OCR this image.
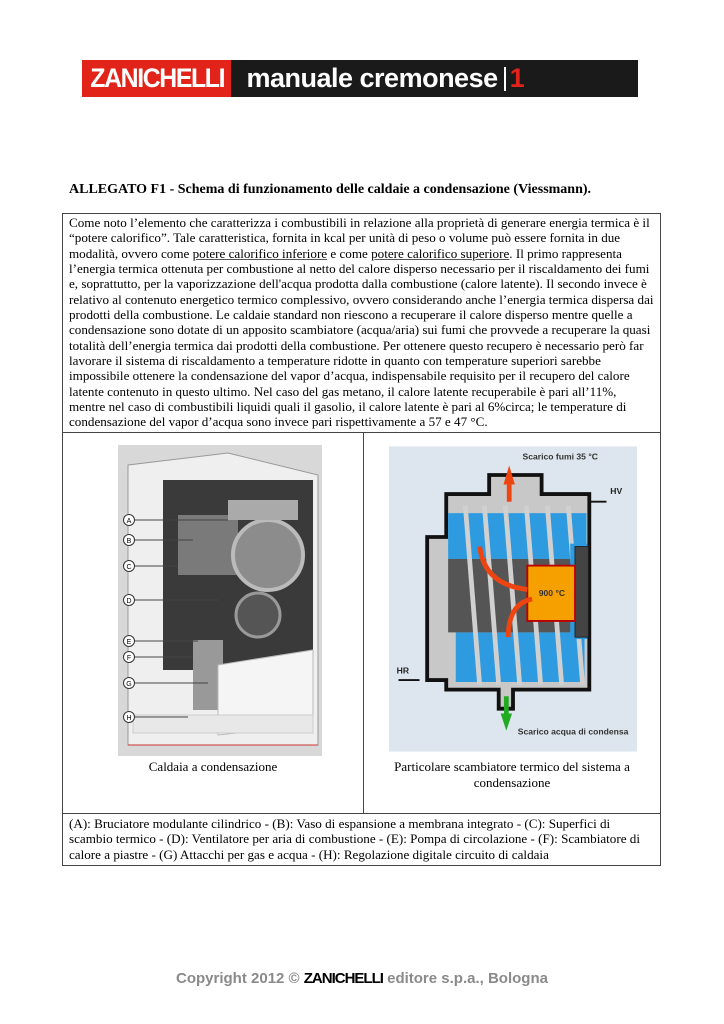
ZANICHELLI manuale cremonese 1
ALLEGATO F1 - Schema di funzionamento delle caldaie a condensazione (Viessmann).
Come noto l’elemento che caratterizza i combustibili in relazione alla proprietà di generare energia termica è il “potere calorifico”. Tale caratteristica, fornita in kcal per unità di peso o volume può essere fornita in due modalità, ovvero come potere calorifico inferiore e come potere calorifico superiore. Il primo rappresenta l’energia termica ottenuta per combustione al netto del calore disperso necessario per il riscaldamento dei fumi e, soprattutto, per la vaporizzazione dell'acqua prodotta dalla combustione (calore latente). Il secondo invece è relativo al contenuto energetico termico complessivo, ovvero considerando anche l’energia termica dispersa dai prodotti della combustione. Le caldaie standard non riescono a recuperare il calore disperso mentre quelle a condensazione sono dotate di un apposito scambiatore (acqua/aria) sui fumi che provvede a recuperare la quasi totalità dell’energia termica dai prodotti della combustione. Per ottenere questo recupero è necessario però far lavorare il sistema di riscaldamento a temperature ridotte in quanto con temperature superiori sarebbe impossibile ottenere la condensazione del vapor d’acqua, indispensabile requisito per il recupero del calore latente contenuto in questo ultimo. Nel caso del gas metano, il calore latente recuperabile è pari all’11%, mentre nel caso di combustibili liquidi quali il gasolio, il calore latente è pari al 6%circa; le temperature di condensazione del vapor d’acqua sono invece pari rispettivamente a 57 e 47 °C.
A
B
C
D
E
F
G
H
Caldaia a condensazione
Scarico fumi 35 °C
HV
HR
900 °C
Scarico acqua di condensa
Particolare scambiatore termico del sistema a condensazione
(A): Bruciatore modulante cilindrico - (B): Vaso di espansione a membrana integrato - (C): Superfici di scambio termico - (D): Ventilatore per aria di combustione - (E): Pompa di circolazione - (F): Scambiatore di calore a piastre - (G) Attacchi per gas e acqua - (H): Regolazione digitale circuito di caldaia
Copyright 2012 © ZANICHELLI editore s.p.a., Bologna
